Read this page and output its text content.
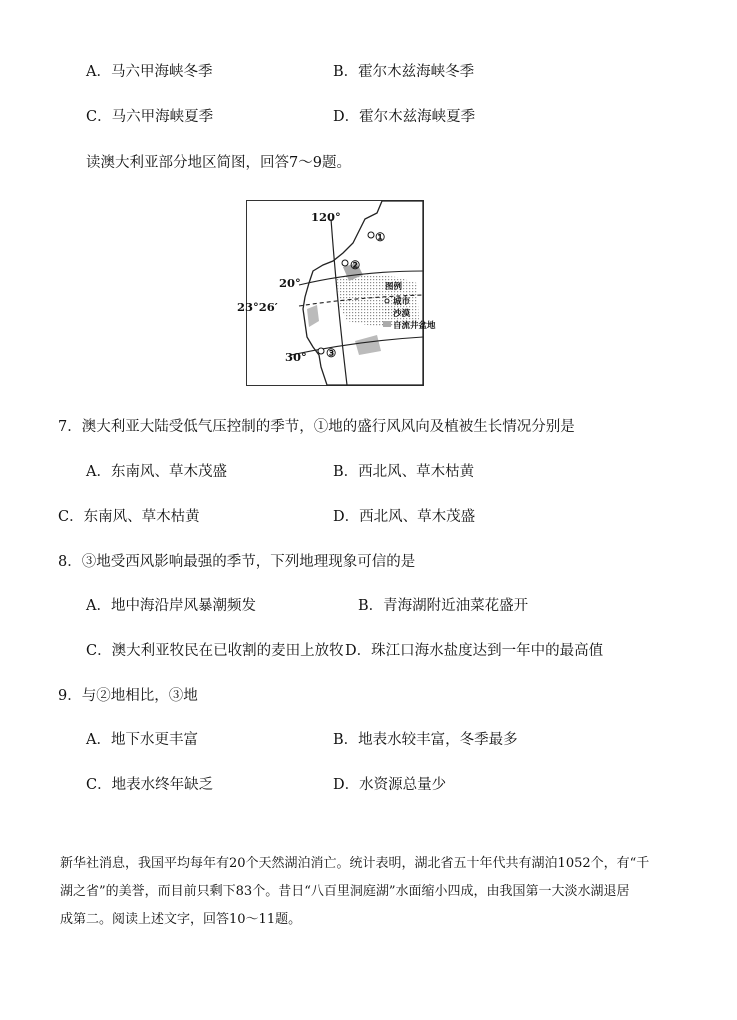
A．马六甲海峡冬季	B．霍尔木兹海峡冬季
C．马六甲海峡夏季	D．霍尔木兹海峡夏季
读澳大利亚部分地区简图，回答7～9题。
图例
城市
沙漠
自流井盆地
120°
20°
23°26′
30°
①
②
③
7．澳大利亚大陆受低气压控制的季节，①地的盛行风风向及植被生长情况分别是
A．东南风、草木茂盛	B．西北风、草木枯黄
C．东南风、草木枯黄	D．西北风、草木茂盛
8．③地受西风影响最强的季节，下列地理现象可信的是
A．地中海沿岸风暴潮频发	B．青海湖附近油菜花盛开
C．澳大利亚牧民在已收割的麦田上放牧 D．珠江口海水盐度达到一年中的最高值
9．与②地相比，③地
A．地下水更丰富	B．地表水较丰富，冬季最多
C．地表水终年缺乏	D．水资源总量少

新华社消息，我国平均每年有20个天然湖泊消亡。统计表明，湖北省五十年代共有湖泊1052个，有“千

湖之省”的美誉，而目前只剩下83个。昔日“八百里洞庭湖”水面缩小四成，由我国第一大淡水湖退居

成第二。阅读上述文字，回答10～11题。
